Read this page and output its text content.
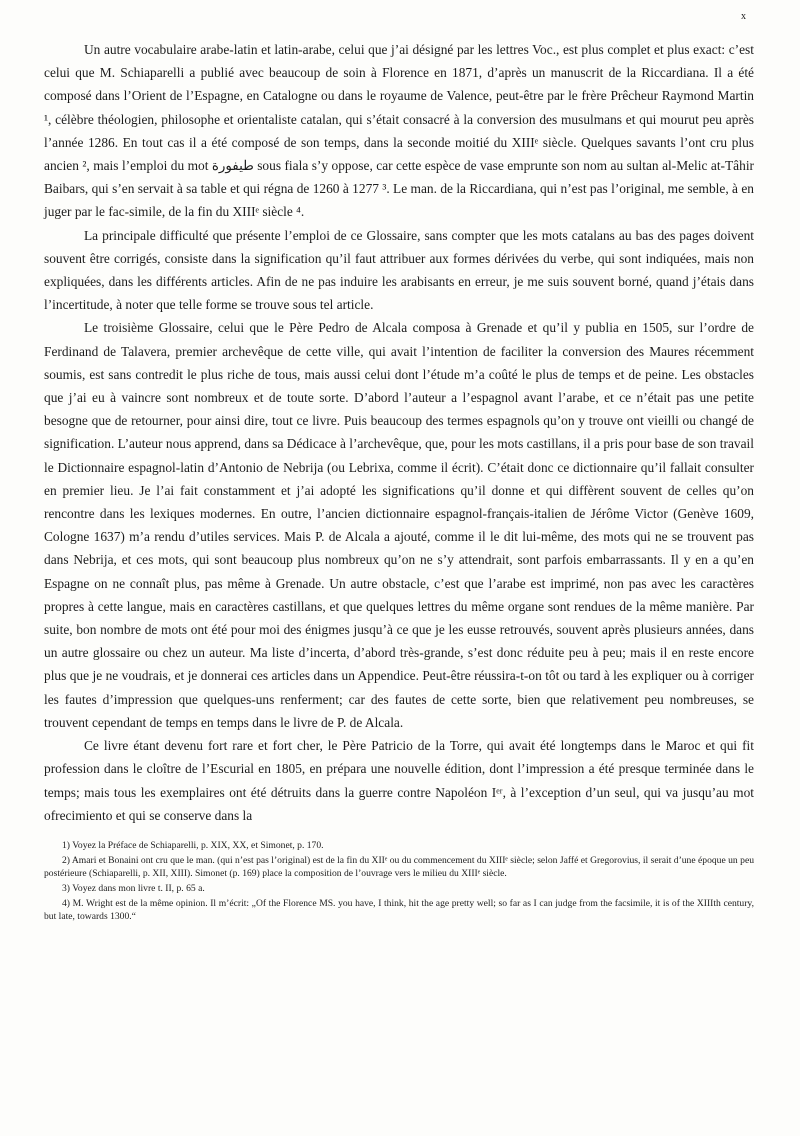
x

Un autre vocabulaire arabe-latin et latin-arabe, celui que j’ai désigné par les lettres Voc., est plus complet et plus exact: c’est celui que M. Schiaparelli a publié avec beaucoup de soin à Florence en 1871, d’après un manuscrit de la Riccardiana. Il a été composé dans l’Orient de l’Espagne, en Catalogne ou dans le royaume de Valence, peut-être par le frère Prêcheur Raymond Martin ¹, célèbre théologien, philosophe et orientaliste catalan, qui s’était consacré à la conversion des musulmans et qui mourut peu après l’année 1286. En tout cas il a été composé de son temps, dans la seconde moitié du XIIIᵉ siècle. Quelques savants l’ont cru plus ancien ², mais l’emploi du mot طيفورة sous fiala s’y oppose, car cette espèce de vase emprunte son nom au sultan al-Melic at-Tâhir Baibars, qui s’en servait à sa table et qui régna de 1260 à 1277 ³. Le man. de la Riccardiana, qui n’est pas l’original, me semble, à en juger par le fac-simile, de la fin du XIIIᵉ siècle ⁴.

La principale difficulté que présente l’emploi de ce Glossaire, sans compter que les mots catalans au bas des pages doivent souvent être corrigés, consiste dans la signification qu’il faut attribuer aux formes dérivées du verbe, qui sont indiquées, mais non expliquées, dans les différents articles. Afin de ne pas induire les arabisants en erreur, je me suis souvent borné, quand j’étais dans l’incertitude, à noter que telle forme se trouve sous tel article.

Le troisième Glossaire, celui que le Père Pedro de Alcala composa à Grenade et qu’il y publia en 1505, sur l’ordre de Ferdinand de Talavera, premier archevêque de cette ville, qui avait l’intention de faciliter la conversion des Maures récemment soumis, est sans contredit le plus riche de tous, mais aussi celui dont l’étude m’a coûté le plus de temps et de peine. Les obstacles que j’ai eu à vaincre sont nombreux et de toute sorte. D’abord l’auteur a l’espagnol avant l’arabe, et ce n’était pas une petite besogne que de retourner, pour ainsi dire, tout ce livre. Puis beaucoup des termes espagnols qu’on y trouve ont vieilli ou changé de signification. L’auteur nous apprend, dans sa Dédicace à l’archevêque, que, pour les mots castillans, il a pris pour base de son travail le Dictionnaire espagnol-latin d’Antonio de Nebrija (ou Lebrixa, comme il écrit). C’était donc ce dictionnaire qu’il fallait consulter en premier lieu. Je l’ai fait constamment et j’ai adopté les significations qu’il donne et qui diffèrent souvent de celles qu’on rencontre dans les lexiques modernes. En outre, l’ancien dictionnaire espagnol-français-italien de Jérôme Victor (Genève 1609, Cologne 1637) m’a rendu d’utiles services. Mais P. de Alcala a ajouté, comme il le dit lui-même, des mots qui ne se trouvent pas dans Nebrija, et ces mots, qui sont beaucoup plus nombreux qu’on ne s’y attendrait, sont parfois embarrassants. Il y en a qu’en Espagne on ne connaît plus, pas même à Grenade. Un autre obstacle, c’est que l’arabe est imprimé, non pas avec les caractères propres à cette langue, mais en caractères castillans, et que quelques lettres du même organe sont rendues de la même manière. Par suite, bon nombre de mots ont été pour moi des énigmes jusqu’à ce que je les eusse retrouvés, souvent après plusieurs années, dans un autre glossaire ou chez un auteur. Ma liste d’incerta, d’abord très-grande, s’est donc réduite peu à peu; mais il en reste encore plus que je ne voudrais, et je donnerai ces articles dans un Appendice. Peut-être réussira-t-on tôt ou tard à les expliquer ou à corriger les fautes d’impression que quelques-uns renferment; car des fautes de cette sorte, bien que relativement peu nombreuses, se trouvent cependant de temps en temps dans le livre de P. de Alcala.

Ce livre étant devenu fort rare et fort cher, le Père Patricio de la Torre, qui avait été longtemps dans le Maroc et qui fit profession dans le cloître de l’Escurial en 1805, en prépara une nouvelle édition, dont l’impression a été presque terminée dans le temps; mais tous les exemplaires ont été détruits dans la guerre contre Napoléon Iᵉʳ, à l’exception d’un seul, qui va jusqu’au mot ofrecimiento et qui se conserve dans la

1) Voyez la Préface de Schiaparelli, p. XIX, XX, et Simonet, p. 170.

2) Amari et Bonaini ont cru que le man. (qui n’est pas l’original) est de la fin du XIIᵉ ou du commencement du XIIIᵉ siècle; selon Jaffé et Gregorovius, il serait d’une époque un peu postérieure (Schiaparelli, p. XII, XIII). Simonet (p. 169) place la composition de l’ouvrage vers le milieu du XIIIᵉ siècle.

3) Voyez dans mon livre t. II, p. 65 a.

4) M. Wright est de la même opinion. Il m’écrit: „Of the Florence MS. you have, I think, hit the age pretty well; so far as I can judge from the facsimile, it is of the XIIIth century, but late, towards 1300.“
